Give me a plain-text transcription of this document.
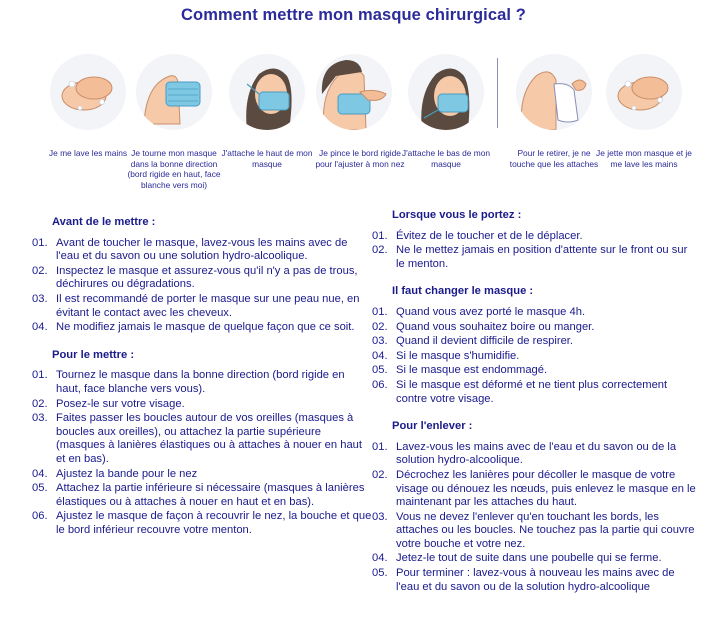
Comment mettre mon masque chirurgical ?
Je me lave les mains Je tourne mon masque dans la bonne direction (bord rigide en haut, face blanche vers moi)
J'attache le haut de mon masque
Je pince le bord rigide pour l'ajuster à mon nez
J'attache le bas de mon masque
Pour le retirer, je ne touche que les attaches
Je jette mon masque et je me lave les mains
Avant de le mettre :
01. Avant de toucher le masque, lavez-vous les mains avec de l'eau et du savon ou une solution hydro-alcoolique.
02. Inspectez le masque et assurez-vous qu'il n'y a pas de trous, déchirures ou dégradations.
03. Il est recommandé de porter le masque sur une peau nue, en évitant le contact avec les cheveux.
04. Ne modifiez jamais le masque de quelque façon que ce soit.
Pour le mettre :
01. Tournez le masque dans la bonne direction (bord rigide en haut, face blanche vers vous).
02. Posez-le sur votre visage.
03. Faites passer les boucles autour de vos oreilles (masques à boucles aux oreilles), ou attachez la partie supérieure (masques à lanières élastiques ou à attaches à nouer en haut et en bas).
04. Ajustez la bande pour le nez
05. Attachez la partie inférieure si nécessaire (masques à lanières élastiques ou à attaches à nouer en haut et en bas).
06. Ajustez le masque de façon à recouvrir le nez, la bouche et que le bord inférieur recouvre votre menton.
Lorsque vous le portez :
01. Évitez de le toucher et de le déplacer.
02. Ne le mettez jamais en position d'attente sur le front ou sur le menton.
Il faut changer le masque :
01. Quand vous avez porté le masque 4h.
02. Quand vous souhaitez boire ou manger.
03. Quand il devient difficile de respirer.
04. Si le masque s'humidifie.
05. Si le masque est endommagé.
06. Si le masque est déformé et ne tient plus correctement contre votre visage.
Pour l'enlever :
01. Lavez-vous les mains avec de l'eau et du savon ou de la solution hydro-alcoolique.
02. Décrochez les lanières pour décoller le masque de votre visage ou dénouez les nœuds, puis enlevez le masque en le maintenant par les attaches du haut.
03. Vous ne devez l'enlever qu'en touchant les bords, les attaches ou les boucles. Ne touchez pas la partie qui couvre votre bouche et votre nez.
04. Jetez-le tout de suite dans une poubelle qui se ferme.
05. Pour terminer : lavez-vous à nouveau les mains avec de l'eau et du savon ou de la solution hydro-alcoolique
